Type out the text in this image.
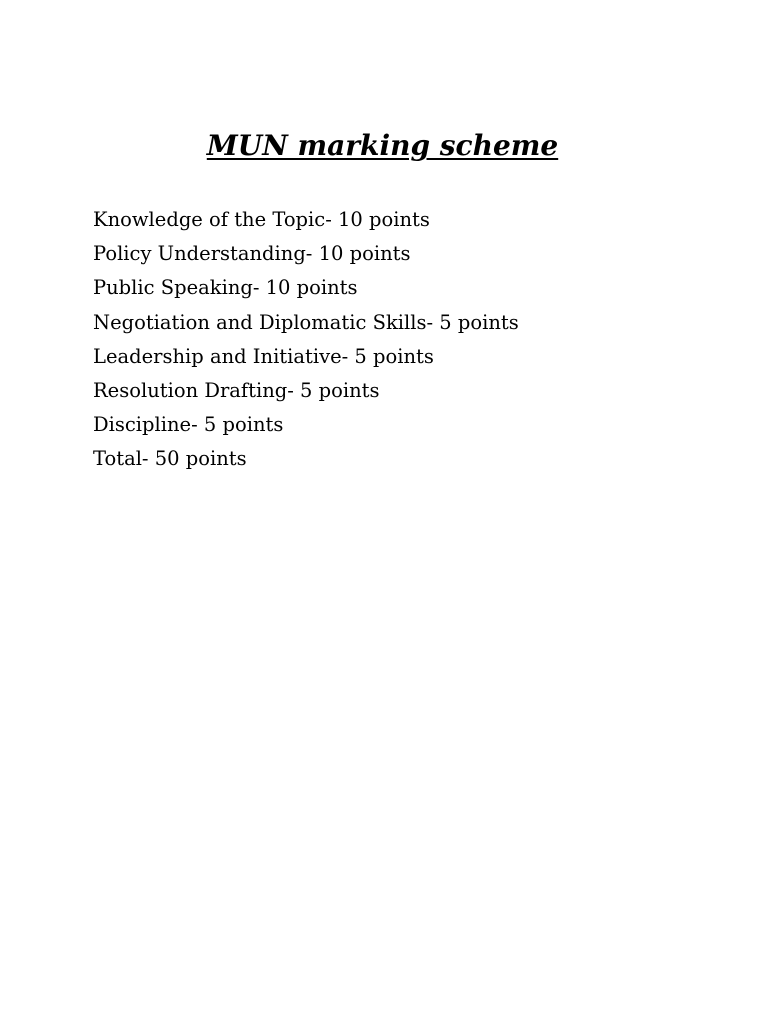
MUN marking scheme
Knowledge of the Topic- 10 points
Policy Understanding- 10 points
Public Speaking- 10 points
Negotiation and Diplomatic Skills- 5 points
Leadership and Initiative- 5 points
Resolution Drafting- 5 points
Discipline- 5 points
Total- 50 points
